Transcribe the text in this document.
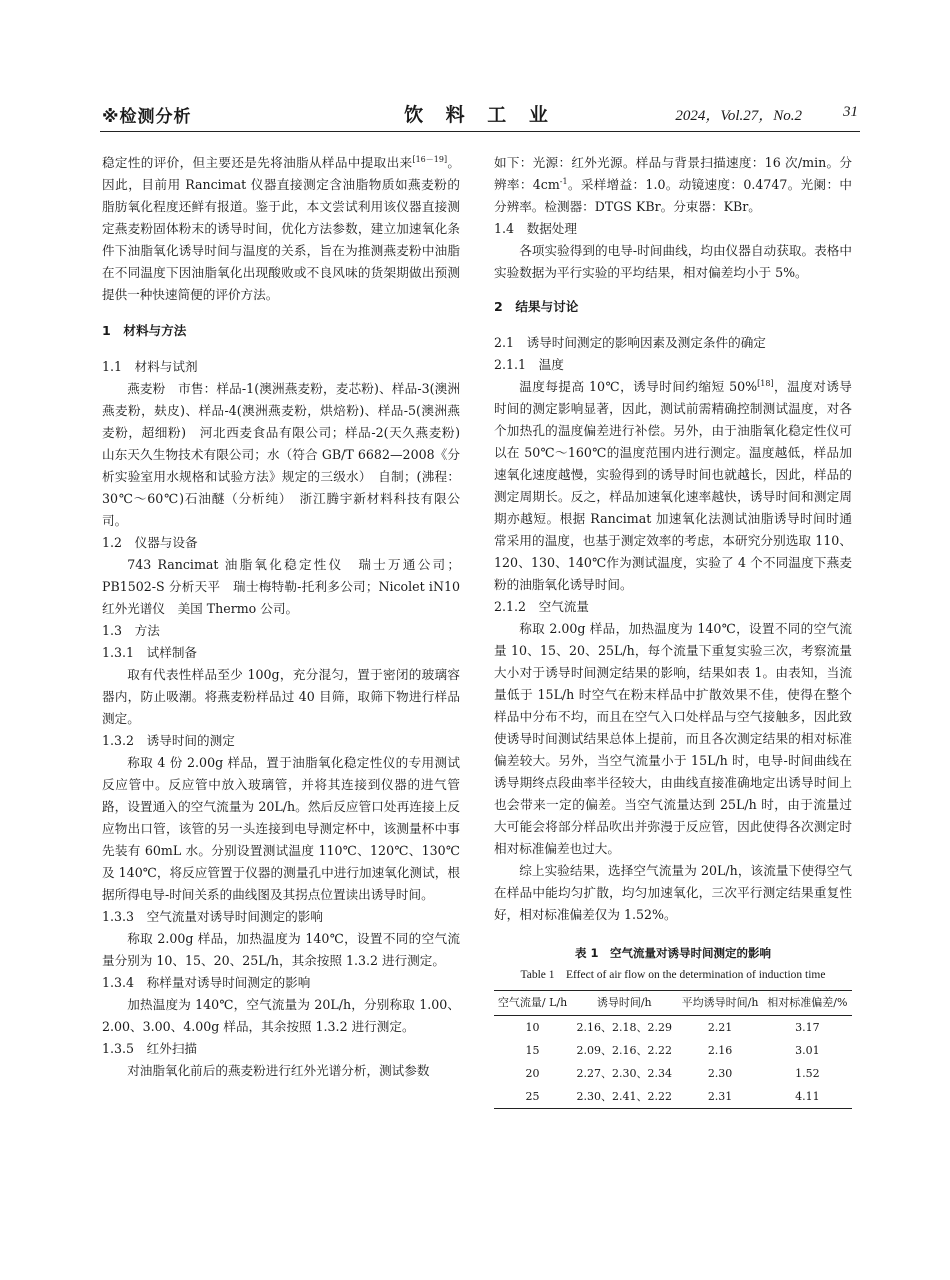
※检测分析	饮 料 工 业	2024，Vol.27，No.2	31

稳定性的评价，但主要还是先将油脂从样品中提取出来[16－19]。因此，目前用 Rancimat 仪器直接测定含油脂物质如燕麦粉的脂肪氧化程度还鲜有报道。鉴于此，本文尝试利用该仪器直接测定燕麦粉固体粉末的诱导时间，优化方法参数，建立加速氧化条件下油脂氧化诱导时间与温度的关系，旨在为推测燕麦粉中油脂在不同温度下因油脂氧化出现酸败或不良风味的货架期做出预测提供一种快速简便的评价方法。

1　材料与方法

1.1　材料与试剂

燕麦粉　市售：样品-1(澳洲燕麦粉，麦芯粉)、样品-3(澳洲燕麦粉，麸皮)、样品-4(澳洲燕麦粉，烘焙粉)、样品-5(澳洲燕麦粉，超细粉)　河北西麦食品有限公司；样品-2(天久燕麦粉)　山东天久生物技术有限公司；水（符合 GB/T 6682—2008《分析实验室用水规格和试验方法》规定的三级水）　自制；(沸程：30℃～60℃)石油醚（分析纯）　浙江腾宇新材料科技有限公司。

1.2　仪器与设备

743 Rancimat 油脂氧化稳定性仪　瑞士万通公司；PB1502-S 分析天平　瑞士梅特勒-托利多公司；Nicolet iN10 红外光谱仪　美国 Thermo 公司。

1.3　方法

1.3.1　试样制备

取有代表性样品至少 100g，充分混匀，置于密闭的玻璃容器内，防止吸潮。将燕麦粉样品过 40 目筛，取筛下物进行样品测定。

1.3.2　诱导时间的测定

称取 4 份 2.00g 样品，置于油脂氧化稳定性仪的专用测试反应管中。反应管中放入玻璃管，并将其连接到仪器的进气管路，设置通入的空气流量为 20L/h。然后反应管口处再连接上反应物出口管，该管的另一头连接到电导测定杯中，该测量杯中事先装有 60mL 水。分别设置测试温度 110℃、120℃、130℃及 140℃，将反应管置于仪器的测量孔中进行加速氧化测试，根据所得电导-时间关系的曲线图及其拐点位置读出诱导时间。

1.3.3　空气流量对诱导时间测定的影响

称取 2.00g 样品，加热温度为 140℃，设置不同的空气流量分别为 10、15、20、25L/h，其余按照 1.3.2 进行测定。

1.3.4　称样量对诱导时间测定的影响

加热温度为 140℃，空气流量为 20L/h，分别称取 1.00、2.00、3.00、4.00g 样品，其余按照 1.3.2 进行测定。

1.3.5　红外扫描

对油脂氧化前后的燕麦粉进行红外光谱分析，测试参数

如下：光源：红外光源。样品与背景扫描速度：16 次/min。分辨率：$4cm^{-1}$。采样增益：1.0。动镜速度：0.4747。光阑：中分辨率。检测器：DTGS KBr。分束器：KBr。

1.4　数据处理

各项实验得到的电导-时间曲线，均由仪器自动获取。表格中实验数据为平行实验的平均结果，相对偏差均小于 5%。

2　结果与讨论

2.1　诱导时间测定的影响因素及测定条件的确定

2.1.1　温度

温度每提高 10℃，诱导时间约缩短 50%[18]，温度对诱导时间的测定影响显著，因此，测试前需精确控制测试温度，对各个加热孔的温度偏差进行补偿。另外，由于油脂氧化稳定性仪可以在 50℃～160℃的温度范围内进行测定。温度越低，样品加速氧化速度越慢，实验得到的诱导时间也就越长，因此，样品的测定周期长。反之，样品加速氧化速率越快，诱导时间和测定周期亦越短。根据 Rancimat 加速氧化法测试油脂诱导时间时通常采用的温度，也基于测定效率的考虑，本研究分别选取 110、120、130、140℃作为测试温度，实验了 4 个不同温度下燕麦粉的油脂氧化诱导时间。

2.1.2　空气流量

称取 2.00g 样品，加热温度为 140℃，设置不同的空气流量 10、15、20、25L/h，每个流量下重复实验三次，考察流量大小对于诱导时间测定结果的影响，结果如表 1。由表知，当流量低于 15L/h 时空气在粉末样品中扩散效果不佳，使得在整个样品中分布不均，而且在空气入口处样品与空气接触多，因此致使诱导时间测试结果总体上提前，而且各次测定结果的相对标准偏差较大。另外，当空气流量小于 15L/h 时，电导-时间曲线在诱导期终点段曲率半径较大，由曲线直接准确地定出诱导时间上也会带来一定的偏差。当空气流量达到 25L/h 时，由于流量过大可能会将部分样品吹出并弥漫于反应管，因此使得各次测定时相对标准偏差也过大。

综上实验结果，选择空气流量为 20L/h，该流量下使得空气在样品中能均匀扩散，均匀加速氧化，三次平行测定结果重复性好，相对标准偏差仅为 1.52%。

表 1　空气流量对诱导时间测定的影响
Table 1　Effect of air flow on the determination of induction time
空气流量/ L/h	诱导时间/h	平均诱导时间/h	相对标准偏差/%
10	2.16、2.18、2.29	2.21	3.17
15	2.09、2.16、2.22	2.16	3.01
20	2.27、2.30、2.34	2.30	1.52
25	2.30、2.41、2.22	2.31	4.11
